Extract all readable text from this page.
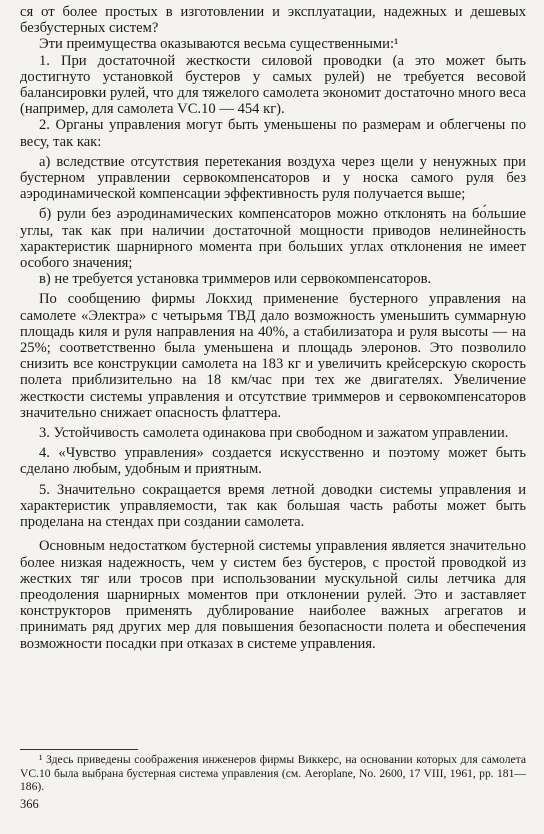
ся от более простых в изготовлении и эксплуатации, надежных и дешевых безбустерных систем?

Эти преимущества оказываются весьма существенными:¹

1. При достаточной жесткости силовой проводки (а это может быть достигнуто установкой бустеров у самых рулей) не требуется весовой балансировки рулей, что для тяжелого самолета экономит достаточно много веса (например, для самолета VC.10 — 454 кг).

2. Органы управления могут быть уменьшены по размерам и облегчены по весу, так как:

а) вследствие отсутствия перетекания воздуха через щели у ненужных при бустерном управлении сервокомпенсаторов и у носка самого руля без аэродинамической компенсации эффективность руля получается выше;

б) рули без аэродинамических компенсаторов можно отклонять на бо́льшие углы, так как при наличии достаточной мощности приводов нелинейность характеристик шарнирного момента при больших углах отклонения не имеет особого значения;

в) не требуется установка триммеров или сервокомпенсаторов.

По сообщению фирмы Локхид применение бустерного управления на самолете «Электра» с четырьмя ТВД дало возможность уменьшить суммарную площадь киля и руля направления на 40%, а стабилизатора и руля высоты — на 25%; соответственно была уменьшена и площадь элеронов. Это позволило снизить все конструкции самолета на 183 кг и увеличить крейсерскую скорость полета приблизительно на 18 км/час при тех же двигателях. Увеличение жесткости системы управления и отсутствие триммеров и сервокомпенсаторов значительно снижает опасность флаттера.

3. Устойчивость самолета одинакова при свободном и зажатом управлении.

4. «Чувство управления» создается искусственно и поэтому может быть сделано любым, удобным и приятным.

5. Значительно сокращается время летной доводки системы управления и характеристик управляемости, так как большая часть работы может быть проделана на стендах при создании самолета.

Основным недостатком бустерной системы управления является значительно более низкая надежность, чем у систем без бустеров, с простой проводкой из жестких тяг или тросов при использовании мускульной силы летчика для преодоления шарнирных моментов при отклонении рулей. Это и заставляет конструкторов применять дублирование наиболее важных агрегатов и принимать ряд других мер для повышения безопасности полета и обеспечения возможности посадки при отказах в системе управления.

¹ Здесь приведены соображения инженеров фирмы Виккерс, на основании которых для самолета VC.10 была выбрана бустерная система управления (см. Aeroplane, No. 2600, 17 VIII, 1961, pp. 181—186).

366
